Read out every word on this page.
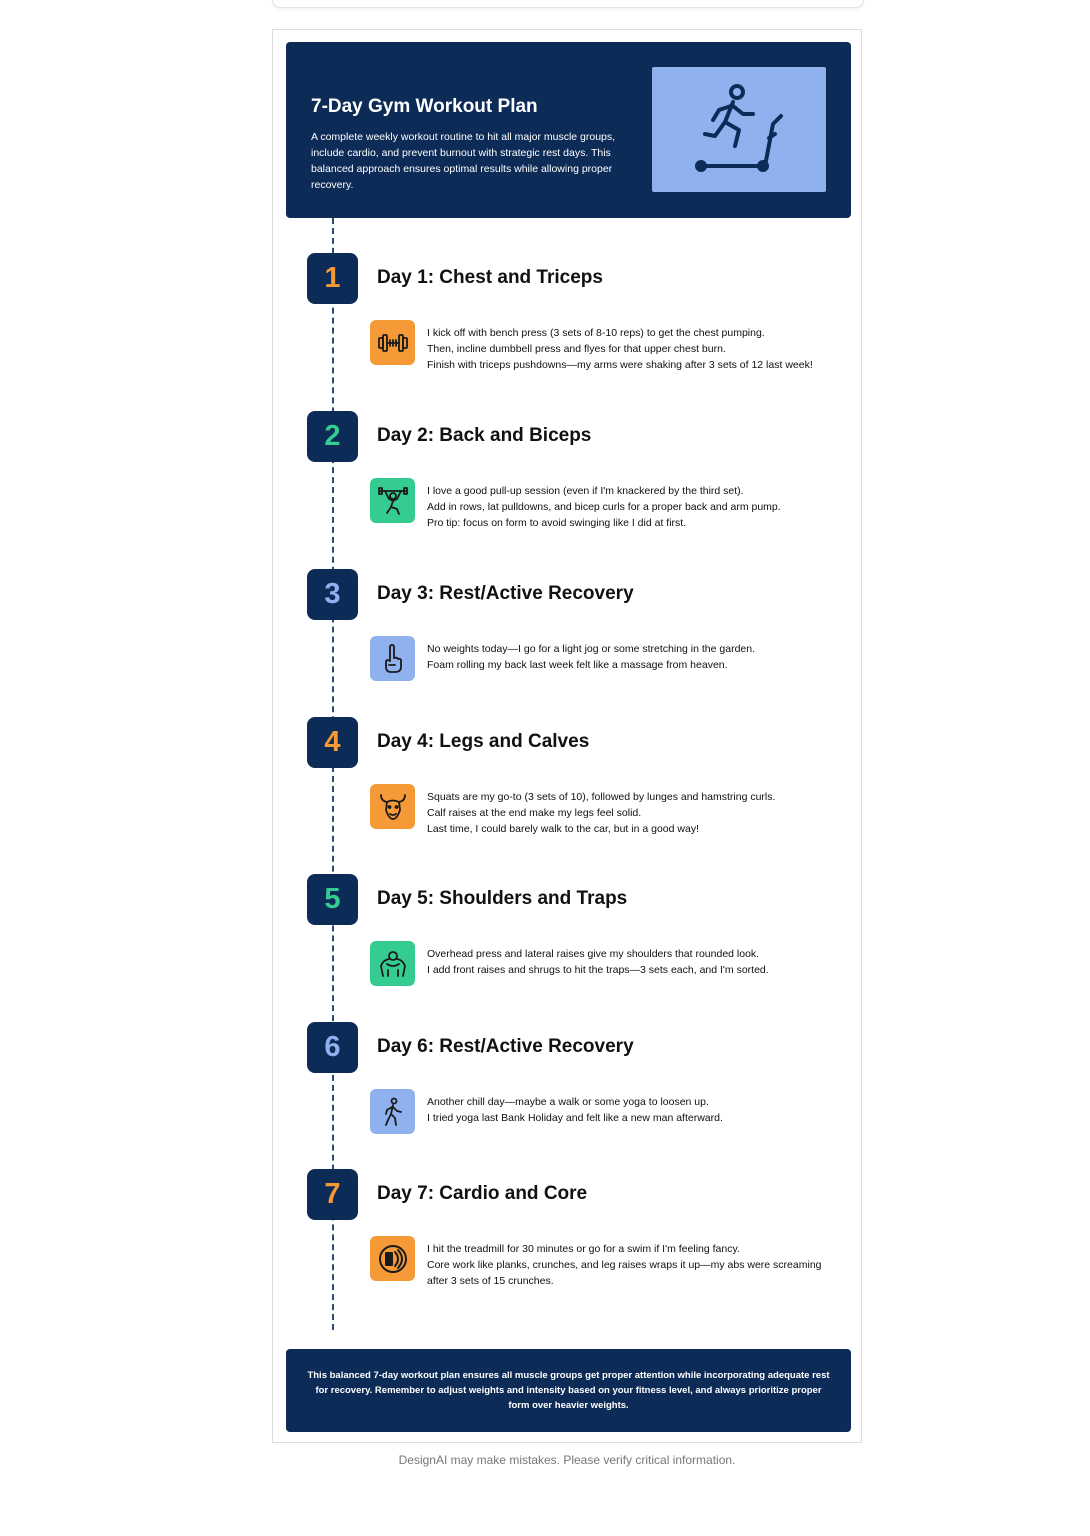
7-Day Gym Workout Plan
A complete weekly workout routine to hit all major muscle groups, include cardio, and prevent burnout with strategic rest days. This balanced approach ensures optimal results while allowing proper recovery.
1	Day 1: Chest and Triceps
I kick off with bench press (3 sets of 8-10 reps) to get the chest pumping.
Then, incline dumbbell press and flyes for that upper chest burn.
Finish with triceps pushdowns—my arms were shaking after 3 sets of 12 last week!
2	Day 2: Back and Biceps
I love a good pull-up session (even if I'm knackered by the third set).
Add in rows, lat pulldowns, and bicep curls for a proper back and arm pump.
Pro tip: focus on form to avoid swinging like I did at first.
3	Day 3: Rest/Active Recovery
No weights today—I go for a light jog or some stretching in the garden.
Foam rolling my back last week felt like a massage from heaven.
4	Day 4: Legs and Calves
Squats are my go-to (3 sets of 10), followed by lunges and hamstring curls.
Calf raises at the end make my legs feel solid.
Last time, I could barely walk to the car, but in a good way!
5	Day 5: Shoulders and Traps
Overhead press and lateral raises give my shoulders that rounded look.
I add front raises and shrugs to hit the traps—3 sets each, and I'm sorted.
6	Day 6: Rest/Active Recovery
Another chill day—maybe a walk or some yoga to loosen up.
I tried yoga last Bank Holiday and felt like a new man afterward.
7	Day 7: Cardio and Core
I hit the treadmill for 30 minutes or go for a swim if I'm feeling fancy.
Core work like planks, crunches, and leg raises wraps it up—my abs were screaming after 3 sets of 15 crunches.
This balanced 7-day workout plan ensures all muscle groups get proper attention while incorporating adequate rest for recovery. Remember to adjust weights and intensity based on your fitness level, and always prioritize proper form over heavier weights.
DesignAI may make mistakes. Please verify critical information.
